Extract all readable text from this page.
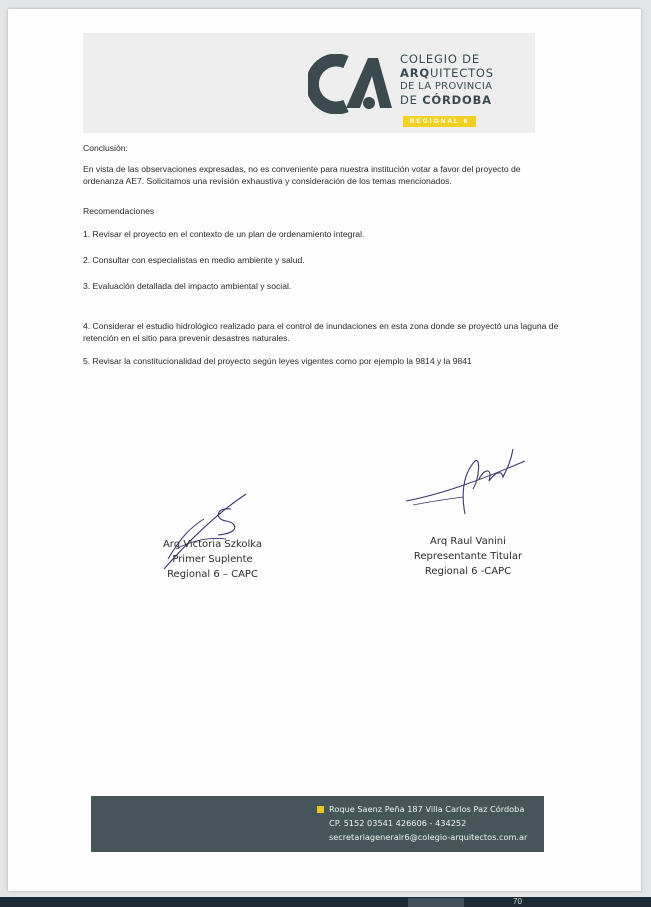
COLEGIO DE
ARQUITECTOS
DE LA PROVINCIA
DE CÓRDOBA
REGIONAL 6
Conclusión:
En vista de las observaciones expresadas, no es conveniente para nuestra institución votar a favor del proyecto de ordenanza AE7. Solicitamos una revisión exhaustiva y consideración de los temas mencionados.
Recomendaciones
1. Revisar el proyecto en el contexto de un plan de ordenamiento integral.
2. Consultar con especialistas en medio ambiente y salud.
3. Evaluación detallada del impacto ambiental y social.
4. Considerar el estudio hidrológico realizado para el control de inundaciones en esta zona donde se proyectó una laguna de retención en el sitio para prevenir desastres naturales.
5. Revisar la constitucionalidad del proyecto según leyes vigentes como por ejemplo la 9814 y la 9841
Arq Victoria Szkolka
Primer Suplente
Regional 6 – CAPC
Arq Raul Vanini
Representante Titular
Regional 6 -CAPC
Roque Saenz Peña 187 Villa Carlos Paz Córdoba
CP. 5152 03541 426606 - 434252
secretariageneralr6@colegio-arquitectos.com.ar
70
